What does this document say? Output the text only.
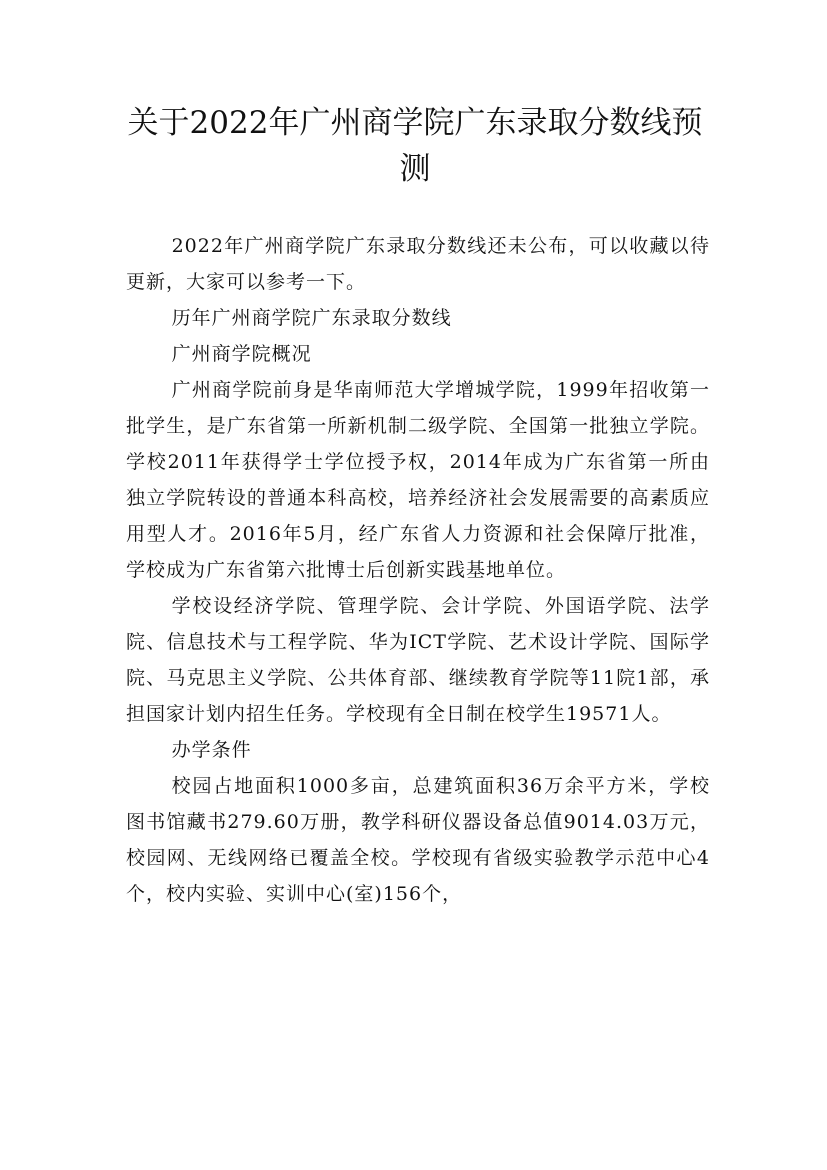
关于2022年广州商学院广东录取分数线预测

2022年广州商学院广东录取分数线还未公布，可以收藏以待更新，大家可以参考一下。

历年广州商学院广东录取分数线

广州商学院概况

广州商学院前身是华南师范大学增城学院，1999年招收第一批学生，是广东省第一所新机制二级学院、全国第一批独立学院。学校2011年获得学士学位授予权，2014年成为广东省第一所由独立学院转设的普通本科高校，培养经济社会发展需要的高素质应用型人才。2016年5月，经广东省人力资源和社会保障厅批准，学校成为广东省第六批博士后创新实践基地单位。

学校设经济学院、管理学院、会计学院、外国语学院、法学院、信息技术与工程学院、华为ICT学院、艺术设计学院、国际学院、马克思主义学院、公共体育部、继续教育学院等11院1部，承担国家计划内招生任务。学校现有全日制在校学生19571人。

办学条件

校园占地面积1000多亩，总建筑面积36万余平方米，学校图书馆藏书279.60万册，教学科研仪器设备总值9014.03万元，校园网、无线网络已覆盖全校。学校现有省级实验教学示范中心4个，校内实验、实训中心(室)156个，
